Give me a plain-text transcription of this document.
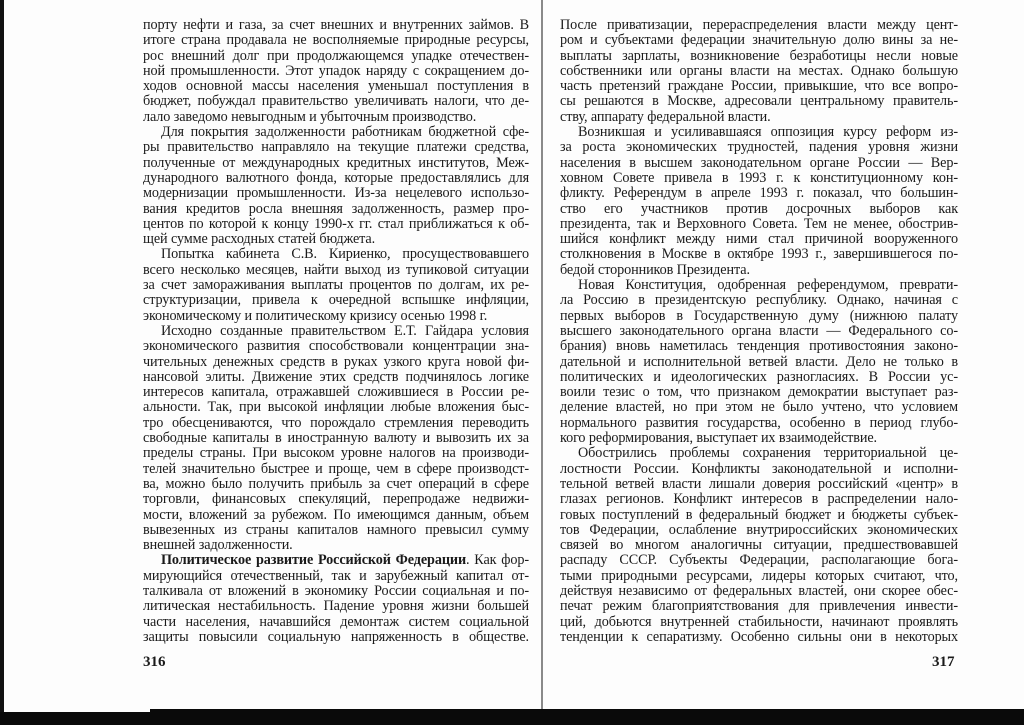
порту нефти и газа, за счет внешних и внутренних займов. В
итоге страна продавала не восполняемые природные ресурсы,
рос внешний долг при продолжающемся упадке отечествен-
ной промышленности. Этот упадок наряду с сокращением до-
ходов основной массы населения уменьшал поступления в
бюджет, побуждал правительство увеличивать налоги, что де-
лало заведомо невыгодным и убыточным производство.
Для покрытия задолженности работникам бюджетной сфе-
ры правительство направляло на текущие платежи средства,
полученные от международных кредитных институтов, Меж-
дународного валютного фонда, которые предоставлялись для
модернизации промышленности. Из-за нецелевого использо-
вания кредитов росла внешняя задолженность, размер про-
центов по которой к концу 1990-х гг. стал приближаться к об-
щей сумме расходных статей бюджета.
Попытка кабинета С.В. Кириенко, просуществовавшего
всего несколько месяцев, найти выход из тупиковой ситуации
за счет замораживания выплаты процентов по долгам, их ре-
структуризации, привела к очередной вспышке инфляции,
экономическому и политическому кризису осенью 1998 г.
Исходно созданные правительством Е.Т. Гайдара условия
экономического развития способствовали концентрации зна-
чительных денежных средств в руках узкого круга новой фи-
нансовой элиты. Движение этих средств подчинялось логике
интересов капитала, отражавшей сложившиеся в России ре-
альности. Так, при высокой инфляции любые вложения быс-
тро обесцениваются, что порождало стремления переводить
свободные капиталы в иностранную валюту и вывозить их за
пределы страны. При высоком уровне налогов на производи-
телей значительно быстрее и проще, чем в сфере производст-
ва, можно было получить прибыль за счет операций в сфере
торговли, финансовых спекуляций, перепродаже недвижи-
мости, вложений за рубежом. По имеющимся данным, объем
вывезенных из страны капиталов намного превысил сумму
внешней задолженности.
Политическое развитие Российской Федерации. Как фор-
мирующийся отечественный, так и зарубежный капитал от-
талкивала от вложений в экономику России социальная и по-
литическая нестабильность. Падение уровня жизни большей
части населения, начавшийся демонтаж систем социальной
защиты повысили социальную напряженность в обществе.
После приватизации, перераспределения власти между цент-
ром и субъектами федерации значительную долю вины за не-
выплаты зарплаты, возникновение безработицы несли новые
собственники или органы власти на местах. Однако большую
часть претензий граждане России, привыкшие, что все вопро-
сы решаются в Москве, адресовали центральному правитель-
ству, аппарату федеральной власти.
Возникшая и усиливавшаяся оппозиция курсу реформ из-
за роста экономических трудностей, падения уровня жизни
населения в высшем законодательном органе России — Вер-
ховном Совете привела в 1993 г. к конституционному кон-
фликту. Референдум в апреле 1993 г. показал, что большин-
ство его участников против досрочных выборов как
президента, так и Верховного Совета. Тем не менее, обострив-
шийся конфликт между ними стал причиной вооруженного
столкновения в Москве в октябре 1993 г., завершившегося по-
бедой сторонников Президента.
Новая Конституция, одобренная референдумом, преврати-
ла Россию в президентскую республику. Однако, начиная с
первых выборов в Государственную думу (нижнюю палату
высшего законодательного органа власти — Федерального со-
брания) вновь наметилась тенденция противостояния законо-
дательной и исполнительной ветвей власти. Дело не только в
политических и идеологических разногласиях. В России ус-
воили тезис о том, что признаком демократии выступает раз-
деление властей, но при этом не было учтено, что условием
нормального развития государства, особенно в период глубо-
кого реформирования, выступает их взаимодействие.
Обострились проблемы сохранения территориальной це-
лостности России. Конфликты законодательной и исполни-
тельной ветвей власти лишали доверия российский «центр» в
глазах регионов. Конфликт интересов в распределении нало-
говых поступлений в федеральный бюджет и бюджеты субъек-
тов Федерации, ослабление внутрироссийских экономических
связей во многом аналогичны ситуации, предшествовавшей
распаду СССР. Субъекты Федерации, располагающие бога-
тыми природными ресурсами, лидеры которых считают, что,
действуя независимо от федеральных властей, они скорее обес-
печат режим благоприятствования для привлечения инвести-
ций, добьются внутренней стабильности, начинают проявлять
тенденции к сепаратизму. Особенно сильны они в некоторых
316	317
